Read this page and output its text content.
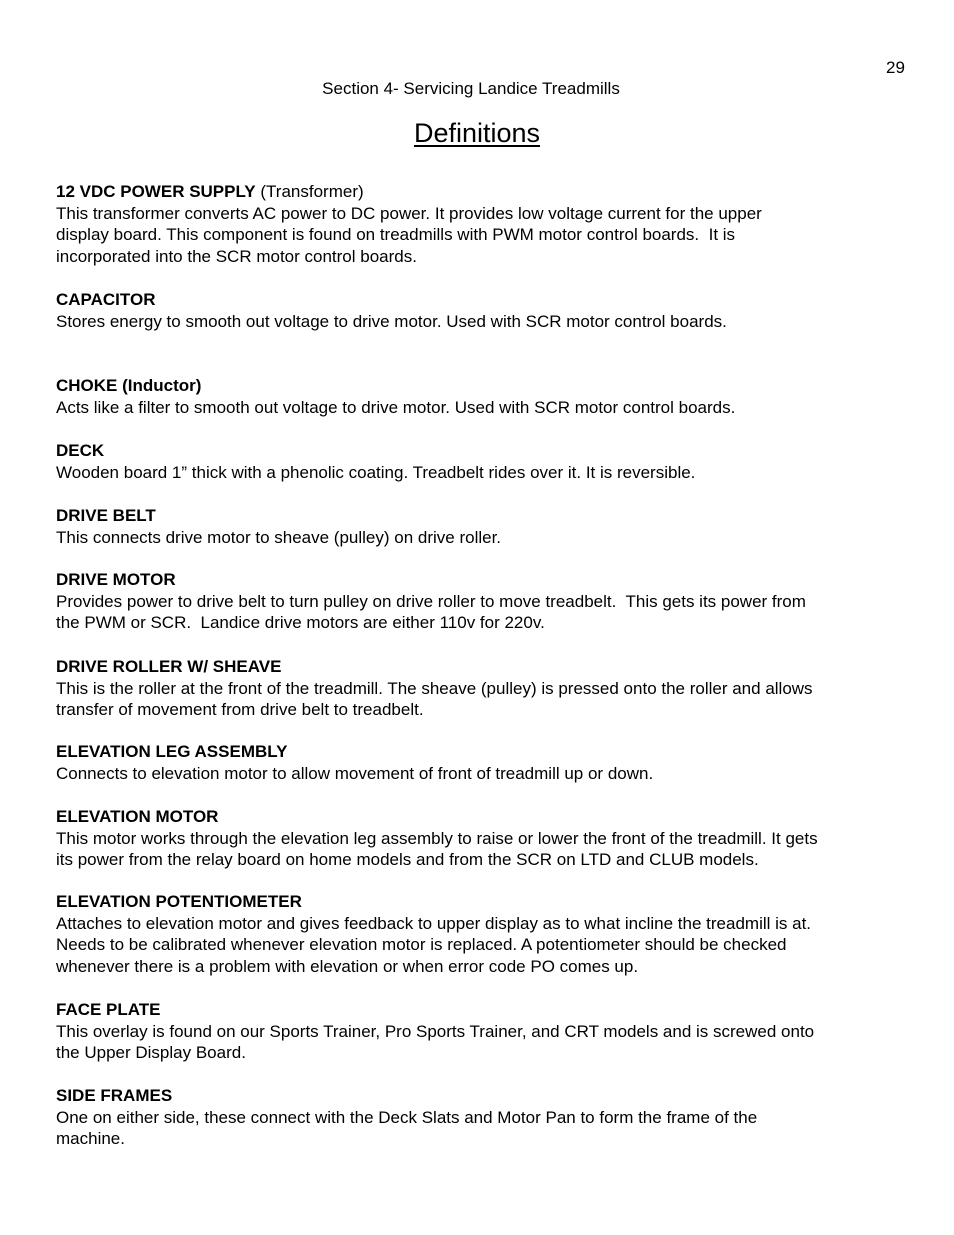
29
Section 4- Servicing Landice Treadmills
Definitions
12 VDC POWER SUPPLY (Transformer)
This transformer converts AC power to DC power. It provides low voltage current for the upper
display board. This component is found on treadmills with PWM motor control boards.  It is
incorporated into the SCR motor control boards.
CAPACITOR
Stores energy to smooth out voltage to drive motor. Used with SCR motor control boards.
CHOKE (Inductor)
Acts like a filter to smooth out voltage to drive motor. Used with SCR motor control boards.
DECK
Wooden board 1” thick with a phenolic coating. Treadbelt rides over it. It is reversible.
DRIVE BELT
This connects drive motor to sheave (pulley) on drive roller.
DRIVE MOTOR
Provides power to drive belt to turn pulley on drive roller to move treadbelt.  This gets its power from
the PWM or SCR.  Landice drive motors are either 110v for 220v.
DRIVE ROLLER W/ SHEAVE
This is the roller at the front of the treadmill. The sheave (pulley) is pressed onto the roller and allows
transfer of movement from drive belt to treadbelt.
ELEVATION LEG ASSEMBLY
Connects to elevation motor to allow movement of front of treadmill up or down.
ELEVATION MOTOR
This motor works through the elevation leg assembly to raise or lower the front of the treadmill. It gets
its power from the relay board on home models and from the SCR on LTD and CLUB models.
ELEVATION POTENTIOMETER
Attaches to elevation motor and gives feedback to upper display as to what incline the treadmill is at.
Needs to be calibrated whenever elevation motor is replaced. A potentiometer should be checked
whenever there is a problem with elevation or when error code PO comes up.
FACE PLATE
This overlay is found on our Sports Trainer, Pro Sports Trainer, and CRT models and is screwed onto
the Upper Display Board.
SIDE FRAMES
One on either side, these connect with the Deck Slats and Motor Pan to form the frame of the
machine.
